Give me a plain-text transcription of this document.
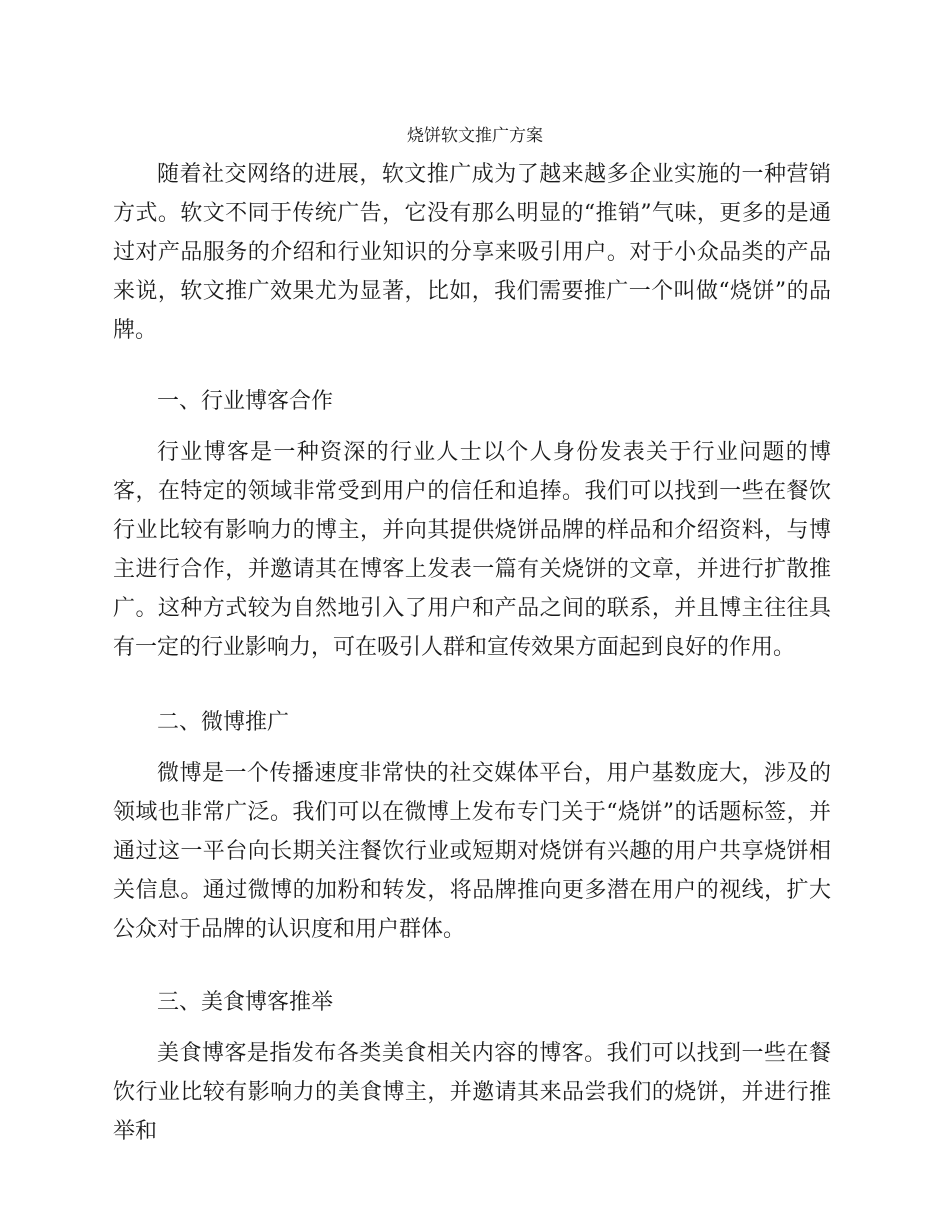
烧饼软文推广方案

随着社交网络的进展，软文推广成为了越来越多企业实施的一种营销方式。软文不同于传统广告，它没有那么明显的“推销”气味，更多的是通过对产品服务的介绍和行业知识的分享来吸引用户。对于小众品类的产品来说，软文推广效果尤为显著，比如，我们需要推广一个叫做“烧饼”的品牌。

一、行业博客合作

行业博客是一种资深的行业人士以个人身份发表关于行业问题的博客，在特定的领域非常受到用户的信任和追捧。我们可以找到一些在餐饮行业比较有影响力的博主，并向其提供烧饼品牌的样品和介绍资料，与博主进行合作，并邀请其在博客上发表一篇有关烧饼的文章，并进行扩散推广。这种方式较为自然地引入了用户和产品之间的联系，并且博主往往具有一定的行业影响力，可在吸引人群和宣传效果方面起到良好的作用。

二、微博推广

微博是一个传播速度非常快的社交媒体平台，用户基数庞大，涉及的领域也非常广泛。我们可以在微博上发布专门关于“烧饼”的话题标签，并通过这一平台向长期关注餐饮行业或短期对烧饼有兴趣的用户共享烧饼相关信息。通过微博的加粉和转发，将品牌推向更多潜在用户的视线，扩大公众对于品牌的认识度和用户群体。

三、美食博客推举

美食博客是指发布各类美食相关内容的博客。我们可以找到一些在餐饮行业比较有影响力的美食博主，并邀请其来品尝我们的烧饼，并进行推举和
